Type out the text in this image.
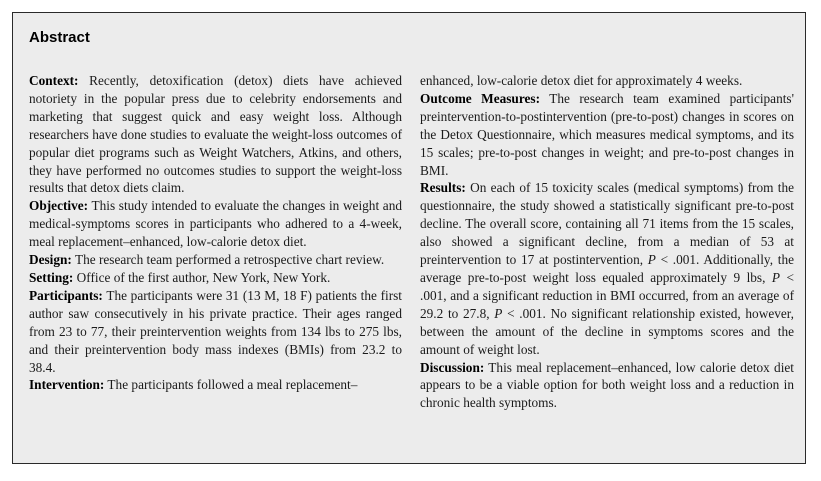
Abstract

Context: Recently, detoxification (detox) diets have achieved notoriety in the popular press due to celebrity endorsements and marketing that suggest quick and easy weight loss. Although researchers have done studies to evaluate the weight-loss outcomes of popular diet programs such as Weight Watchers, Atkins, and others, they have performed no outcomes studies to support the weight-loss results that detox diets claim.

Objective: This study intended to evaluate the changes in weight and medical-symptoms scores in participants who adhered to a 4-week, meal replacement–enhanced, low-calorie detox diet.

Design: The research team performed a retrospective chart review.

Setting: Office of the first author, New York, New York.

Participants: The participants were 31 (13 M, 18 F) patients the first author saw consecutively in his private practice. Their ages ranged from 23 to 77, their preintervention weights from 134 lbs to 275 lbs, and their preintervention body mass indexes (BMIs) from 23.2 to 38.4.

Intervention: The participants followed a meal replacement–

enhanced, low-calorie detox diet for approximately 4 weeks.

Outcome Measures: The research team examined participants' preintervention-to-postintervention (pre-to-post) changes in scores on the Detox Questionnaire, which measures medical symptoms, and its 15 scales; pre-to-post changes in weight; and pre-to-post changes in BMI.

Results: On each of 15 toxicity scales (medical symptoms) from the questionnaire, the study showed a statistically significant pre-to-post decline. The overall score, containing all 71 items from the 15 scales, also showed a significant decline, from a median of 53 at preintervention to 17 at postintervention, P < .001. Additionally, the average pre-to-post weight loss equaled approximately 9 lbs, P < .001, and a significant reduction in BMI occurred, from an average of 29.2 to 27.8, P < .001. No significant relationship existed, however, between the amount of the decline in symptoms scores and the amount of weight lost.

Discussion: This meal replacement–enhanced, low calorie detox diet appears to be a viable option for both weight loss and a reduction in chronic health symptoms.
